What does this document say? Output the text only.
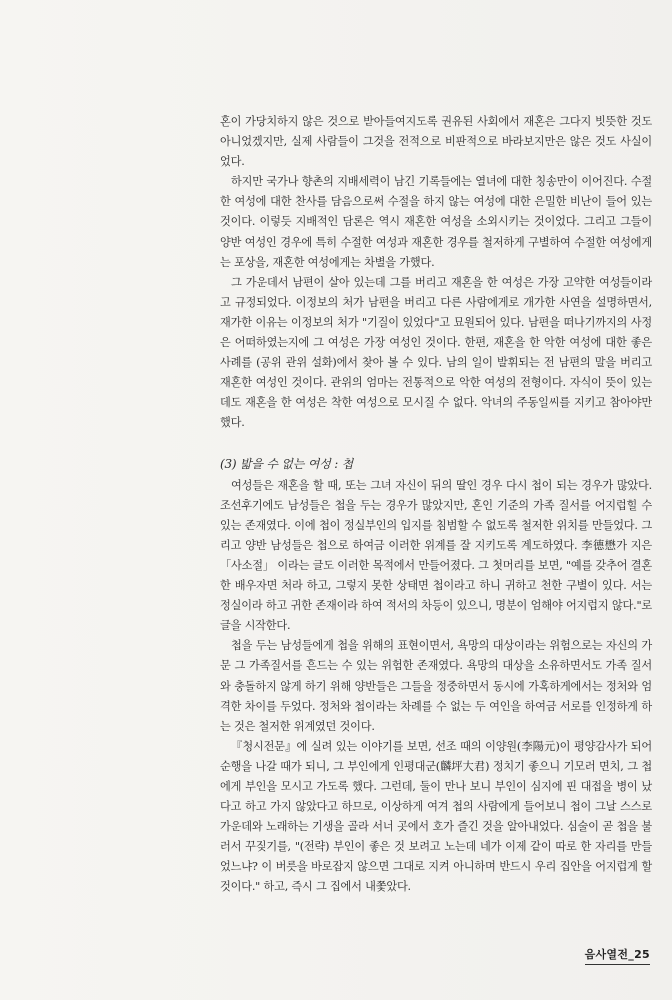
혼이 가당치하지 않은 것으로 받아들여지도록 권유된 사회에서 재혼은 그다지 빗뜻한 것도 아니었겠지만, 실제 사람들이 그것을 전적으로 비판적으로 바라보지만은 않은 것도 사실이었다.

하지만 국가나 향촌의 지배세력이 남긴 기록들에는 열녀에 대한 칭송만이 이어진다. 수절한 여성에 대한 찬사를 담음으로써 수절을 하지 않는 여성에 대한 은밀한 비난이 들어 있는 것이다. 이렇듯 지배적인 담론은 역시 재혼한 여성을 소외시키는 것이었다. 그리고 그들이 양반 여성인 경우에 특히 수절한 여성과 재혼한 경우를 철저하게 구별하여 수절한 여성에게는 포상을, 재혼한 여성에게는 차별을 가했다.

그 가운데서 남편이 살아 있는데 그를 버리고 재혼을 한 여성은 가장 고약한 여성들이라고 규정되었다. 이정보의 처가 남편을 버리고 다른 사람에게로 개가한 사연을 설명하면서, 재가한 이유는 이정보의 처가 "기질이 있었다"고 묘원되어 있다. 남편을 떠나기까지의 사정은 어떠하였는지에 그 여성은 가장 여성인 것이다. 한편, 재혼을 한 악한 여성에 대한 좋은 사례를 (공위 관위 설화)에서 찾아 볼 수 있다. 남의 일이 발휘되는 전 남편의 말을 버리고 재혼한 여성인 것이다. 관위의 엄마는 전통적으로 악한 여성의 전형이다. 자식이 뜻이 있는데도 재혼을 한 여성은 착한 여성으로 모시질 수 없다. 악녀의 주동일씨를 지키고 참아야만 했다.

(3) 밟을 수 없는 여성 : 첩

여성들은 재혼을 할 때, 또는 그녀 자신이 뒤의 딸인 경우 다시 첩이 되는 경우가 많았다. 조선후기에도 남성들은 첩을 두는 경우가 많았지만, 혼인 기준의 가족 질서를 어지럽힐 수 있는 존재였다. 이에 첩이 정실부인의 입지를 침범할 수 없도록 철저한 위치를 만들었다. 그리고 양반 남성들은 첩으로 하여금 이러한 위계를 잘 지키도록 계도하였다. 李德懋가 지은 「사소절」 이라는 글도 이러한 목적에서 만들어졌다. 그 첫머리를 보면, "예를 갖추어 결혼한 배우자면 처라 하고, 그렇지 못한 상태면 첩이라고 하니 귀하고 천한 구별이 있다. 서는 정실이라 하고 귀한 존재이라 하여 적서의 차등이 있으니, 명분이 엄해야 어지럽지 않다."로 글을 시작한다.

첩을 두는 남성들에게 첩을 위해의 표현이면서, 욕망의 대상이라는 위험으로는 자신의 가문 그 가족질서를 흔드는 수 있는 위험한 존재였다. 욕망의 대상을 소유하면서도 가족 질서와 충돌하지 않게 하기 위해 양반들은 그들을 정중하면서 동시에 가혹하게에서는 정처와 엄격한 차이를 두었다. 정처와 첩이라는 차례를 수 없는 두 여인을 하여금 서로를 인정하게 하는 것은 철저한 위계였던 것이다.

『청시전문』에 실려 있는 이야기를 보면, 선조 때의 이양원(李陽元)이 평양감사가 되어 순행을 나갈 때가 되니, 그 부인에게 인평대군(麟坪大君) 정치기 좋으니 기모러 면치, 그 첩에게 부인을 모시고 가도록 했다. 그런데, 둘이 만나 보니 부인이 심지에 핀 대접을 병이 났다고 하고 가지 않았다고 하므로, 이상하게 여겨 첩의 사람에게 들어보니 첩이 그날 스스로 가운데와 노래하는 기생을 골라 서너 곳에서 호가 즐긴 것을 알아내었다. 심술이 곧 첩을 불러서 꾸짖기를, "(전략) 부인이 좋은 것 보려고 노는데 네가 이제 같이 따로 한 자리를 만들었느냐? 이 버릇을 바로잡지 않으면 그대로 지켜 아니하며 반드시 우리 집안을 어지럽게 할 것이다." 하고, 즉시 그 집에서 내쫓았다.

음사열전_25
